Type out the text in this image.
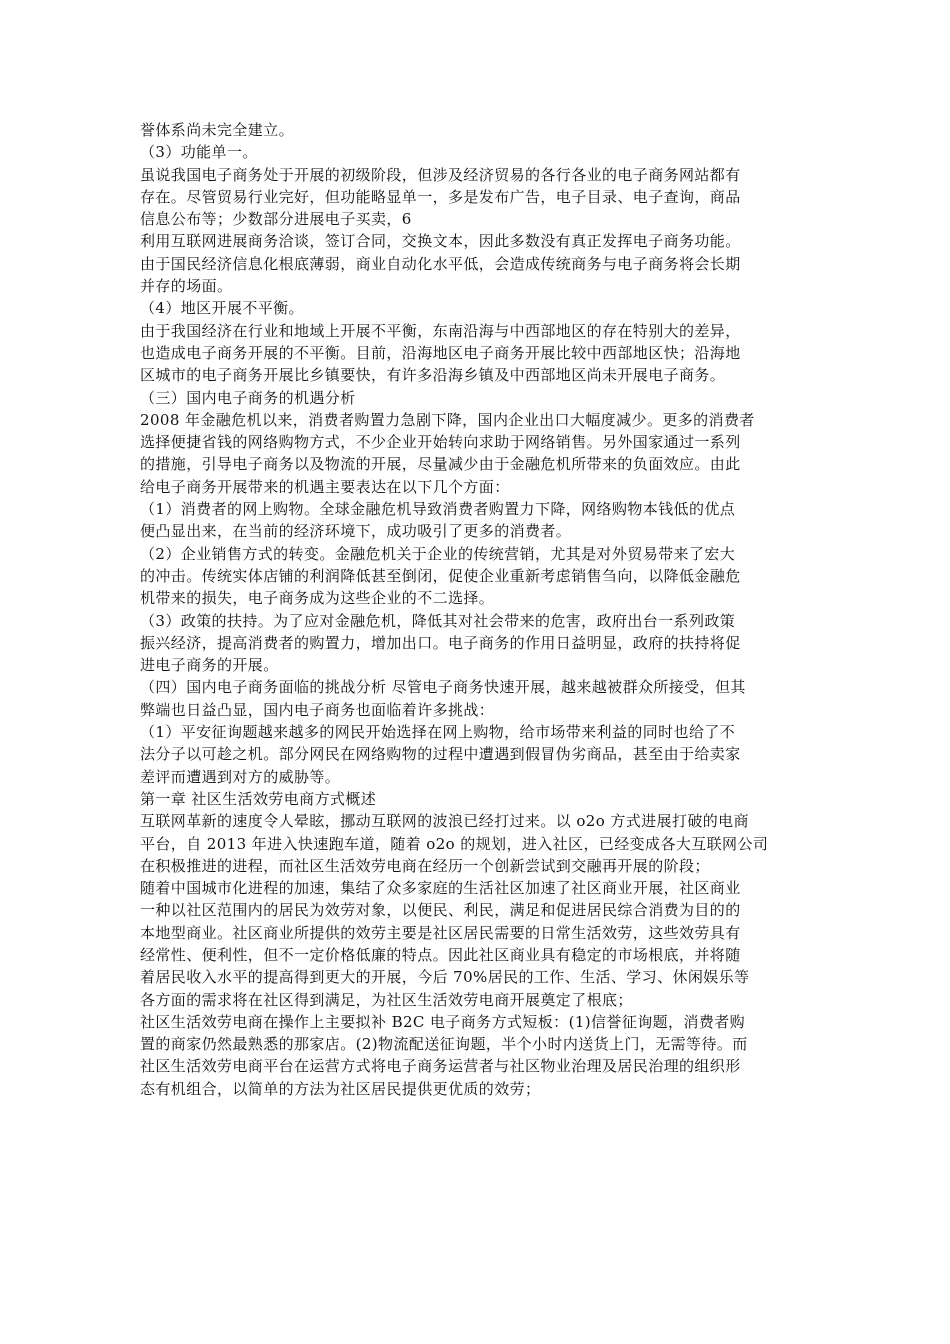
誉体系尚未完全建立。
（3）功能单一。
虽说我国电子商务处于开展的初级阶段，但涉及经济贸易的各行各业的电子商务网站都有
存在。尽管贸易行业完好，但功能略显单一，多是发布广告，电子目录、电子查询，商品
信息公布等；少数部分进展电子买卖，6
利用互联网进展商务洽谈，签订合同，交换文本，因此多数没有真正发挥电子商务功能。
由于国民经济信息化根底薄弱，商业自动化水平低，会造成传统商务与电子商务将会长期
并存的场面。
（4）地区开展不平衡。
由于我国经济在行业和地域上开展不平衡，东南沿海与中西部地区的存在特别大的差异，
也造成电子商务开展的不平衡。目前，沿海地区电子商务开展比较中西部地区快；沿海地
区城市的电子商务开展比乡镇要快，有许多沿海乡镇及中西部地区尚未开展电子商务。
（三）国内电子商务的机遇分析
2008 年金融危机以来，消费者购置力急剧下降，国内企业出口大幅度减少。更多的消费者
选择便捷省钱的网络购物方式，不少企业开始转向求助于网络销售。另外国家通过一系列
的措施，引导电子商务以及物流的开展，尽量减少由于金融危机所带来的负面效应。由此
给电子商务开展带来的机遇主要表达在以下几个方面：
（1）消费者的网上购物。全球金融危机导致消费者购置力下降，网络购物本钱低的优点
便凸显出来，在当前的经济环境下，成功吸引了更多的消费者。
（2）企业销售方式的转变。金融危机关于企业的传统营销，尤其是对外贸易带来了宏大
的冲击。传统实体店铺的利润降低甚至倒闭，促使企业重新考虑销售刍向，以降低金融危
机带来的损失，电子商务成为这些企业的不二选择。
（3）政策的扶持。为了应对金融危机，降低其对社会带来的危害，政府出台一系列政策
振兴经济，提高消费者的购置力，增加出口。电子商务的作用日益明显，政府的扶持将促
进电子商务的开展。
（四）国内电子商务面临的挑战分析 尽管电子商务快速开展，越来越被群众所接受，但其
弊端也日益凸显，国内电子商务也面临着许多挑战：
（1）平安征询题越来越多的网民开始选择在网上购物，给市场带来利益的同时也给了不
法分子以可趁之机。部分网民在网络购物的过程中遭遇到假冒伪劣商品，甚至由于给卖家
差评而遭遇到对方的威胁等。
第一章 社区生活效劳电商方式概述
互联网革新的速度令人晕眩，挪动互联网的波浪已经打过来。以 o2o 方式进展打破的电商
平台，自 2013 年进入快速跑车道，随着 o2o 的规划，进入社区，已经变成各大互联网公司
在积极推进的进程，而社区生活效劳电商在经历一个创新尝试到交融再开展的阶段；
随着中国城市化进程的加速，集结了众多家庭的生活社区加速了社区商业开展，社区商业
一种以社区范围内的居民为效劳对象，以便民、利民，满足和促进居民综合消费为目的的
本地型商业。社区商业所提供的效劳主要是社区居民需要的日常生活效劳，这些效劳具有
经常性、便利性，但不一定价格低廉的特点。因此社区商业具有稳定的市场根底，并将随
着居民收入水平的提高得到更大的开展，今后 70%居民的工作、生活、学习、休闲娱乐等
各方面的需求将在社区得到满足，为社区生活效劳电商开展奠定了根底；
社区生活效劳电商在操作上主要拟补 B2C 电子商务方式短板：(1)信誉征询题，消费者购
置的商家仍然最熟悉的那家店。(2)物流配送征询题，半个小时内送货上门，无需等待。而
社区生活效劳电商平台在运营方式将电子商务运营者与社区物业治理及居民治理的组织形
态有机组合，以简单的方法为社区居民提供更优质的效劳；
